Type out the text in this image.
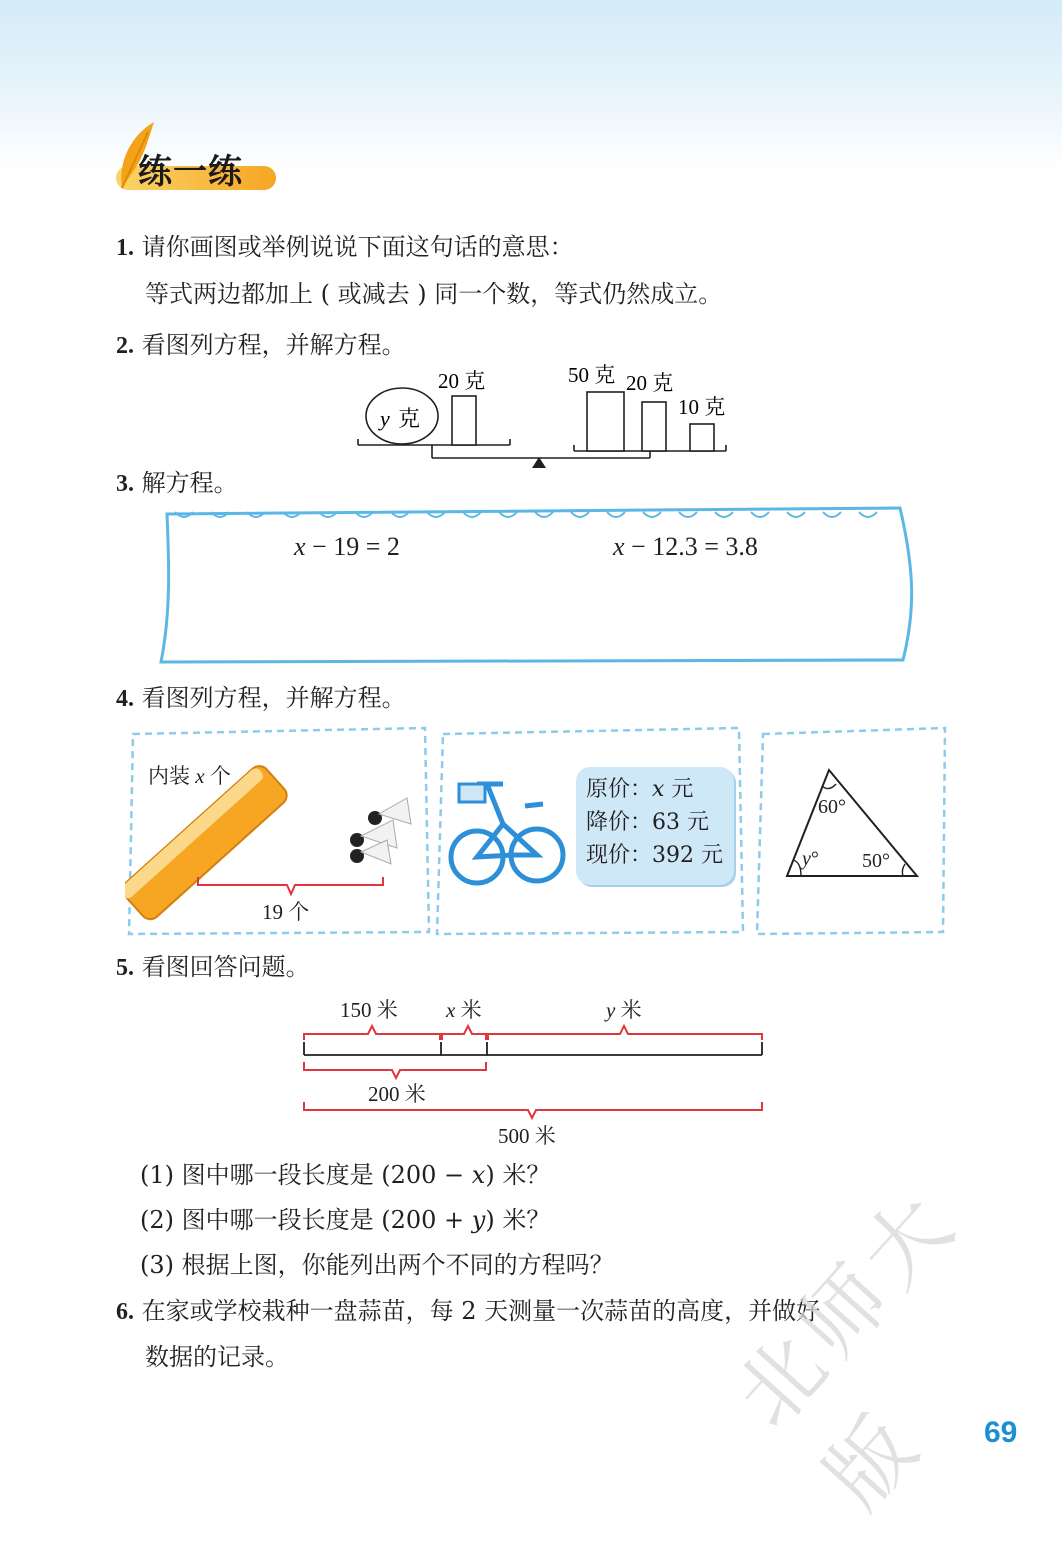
练一练
1. 请你画图或举例说说下面这句话的意思：
等式两边都加上 ( 或减去 ) 同一个数，等式仍然成立。
2. 看图列方程，并解方程。
y 克
20 克	50 克 20 克
10 克
3. 解方程。
x − 19 = 2	x − 12.3 = 3.8
4. 看图列方程，并解方程。
内装 x 个
19 个
原价：x 元
降价：63 元
现价：392 元
60°
y° 50°
5. 看图回答问题。
150 米 x 米	y 米
200 米
500 米
(1) 图中哪一段长度是 (200 − x) 米？
(2) 图中哪一段长度是 (200 + y) 米？
(3) 根据上图，你能列出两个不同的方程吗？
6. 在家或学校栽种一盘蒜苗，每 2 天测量一次蒜苗的高度，并做好
数据的记录。	北师大版	69
